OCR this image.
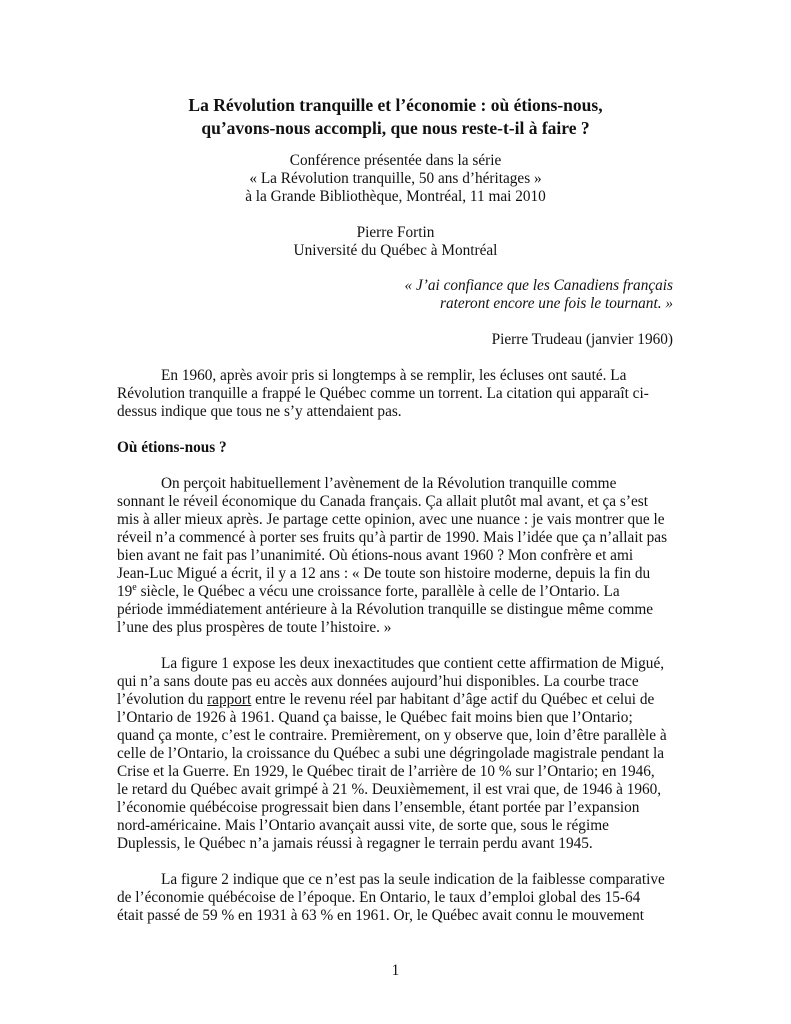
La Révolution tranquille et l’économie : où étions-nous,
qu’avons-nous accompli, que nous reste-t-il à faire ?
Conférence présentée dans la série
« La Révolution tranquille, 50 ans d’héritages »
à la Grande Bibliothèque, Montréal, 11 mai 2010
Pierre Fortin
Université du Québec à Montréal
« J’ai confiance que les Canadiens français
rateront encore une fois le tournant. »
Pierre Trudeau (janvier 1960)
En 1960, après avoir pris si longtemps à se remplir, les écluses ont sauté. La
Révolution tranquille a frappé le Québec comme un torrent. La citation qui apparaît ci-
dessus indique que tous ne s’y attendaient pas.
Où étions-nous ?
On perçoit habituellement l’avènement de la Révolution tranquille comme
sonnant le réveil économique du Canada français. Ça allait plutôt mal avant, et ça s’est
mis à aller mieux après. Je partage cette opinion, avec une nuance : je vais montrer que le
réveil n’a commencé à porter ses fruits qu’à partir de 1990. Mais l’idée que ça n’allait pas
bien avant ne fait pas l’unanimité. Où étions-nous avant 1960 ? Mon confrère et ami
Jean-Luc Migué a écrit, il y a 12 ans : « De toute son histoire moderne, depuis la fin du
19e siècle, le Québec a vécu une croissance forte, parallèle à celle de l’Ontario. La
période immédiatement antérieure à la Révolution tranquille se distingue même comme
l’une des plus prospères de toute l’histoire. »
La figure 1 expose les deux inexactitudes que contient cette affirmation de Migué,
qui n’a sans doute pas eu accès aux données aujourd’hui disponibles. La courbe trace
l’évolution du rapport entre le revenu réel par habitant d’âge actif du Québec et celui de
l’Ontario de 1926 à 1961. Quand ça baisse, le Québec fait moins bien que l’Ontario;
quand ça monte, c’est le contraire. Premièrement, on y observe que, loin d’être parallèle à
celle de l’Ontario, la croissance du Québec a subi une dégringolade magistrale pendant la
Crise et la Guerre. En 1929, le Québec tirait de l’arrière de 10 % sur l’Ontario; en 1946,
le retard du Québec avait grimpé à 21 %. Deuxièmement, il est vrai que, de 1946 à 1960,
l’économie québécoise progressait bien dans l’ensemble, étant portée par l’expansion
nord-américaine. Mais l’Ontario avançait aussi vite, de sorte que, sous le régime
Duplessis, le Québec n’a jamais réussi à regagner le terrain perdu avant 1945.
La figure 2 indique que ce n’est pas la seule indication de la faiblesse comparative
de l’économie québécoise de l’époque. En Ontario, le taux d’emploi global des 15-64
était passé de 59 % en 1931 à 63 % en 1961. Or, le Québec avait connu le mouvement
1
